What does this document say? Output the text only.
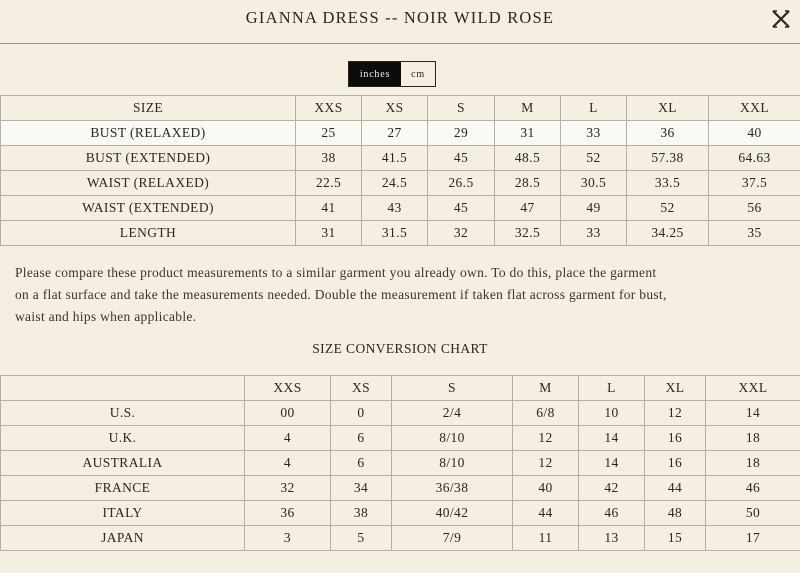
GIANNA DRESS -- NOIR WILD ROSE
inches	cm
SIZE	XXS	XS	S	M	L	XL	XXL
BUST (RELAXED)	25	27	29	31	33	36	40
BUST (EXTENDED)	38	41.5	45	48.5	52	57.38	64.63
WAIST (RELAXED)	22.5	24.5	26.5	28.5	30.5	33.5	37.5
WAIST (EXTENDED)	41	43	45	47	49	52	56
LENGTH	31	31.5	32	32.5	33	34.25	35
Please compare these product measurements to a similar garment you already own. To do this, place the garment
on a flat surface and take the measurements needed. Double the measurement if taken flat across garment for bust,
waist and hips when applicable.
SIZE CONVERSION CHART
	XXS	XS	S	M	L	XL	XXL
U.S.	00	0	2/4	6/8	10	12	14
U.K.	4	6	8/10	12	14	16	18
AUSTRALIA	4	6	8/10	12	14	16	18
FRANCE	32	34	36/38	40	42	44	46
ITALY	36	38	40/42	44	46	48	50
JAPAN	3	5	7/9	11	13	15	17
